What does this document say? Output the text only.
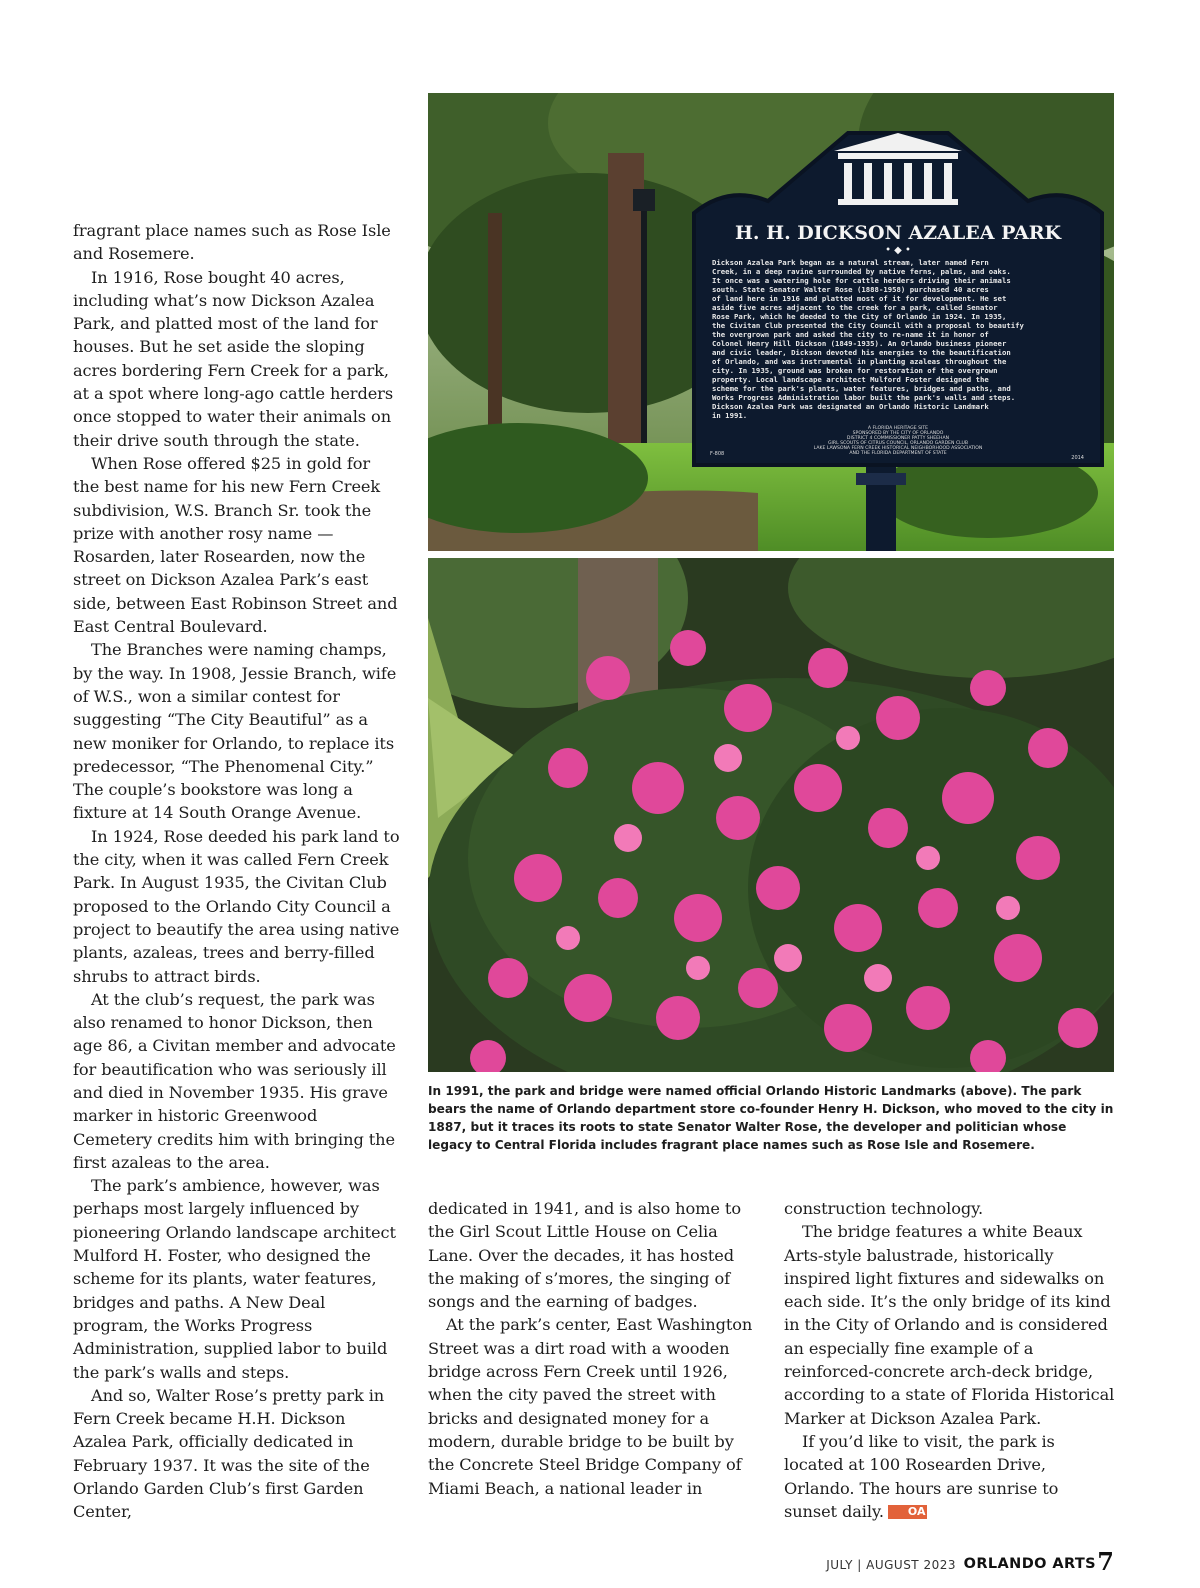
fragrant place names such as Rose Isle and Rosemere.

In 1916, Rose bought 40 acres, including what’s now Dickson Azalea Park, and platted most of the land for houses. But he set aside the sloping acres bordering Fern Creek for a park, at a spot where long-ago cattle herders once stopped to water their animals on their drive south through the state.

When Rose offered $25 in gold for the best name for his new Fern Creek subdivision, W.S. Branch Sr. took the prize with another rosy name — Rosarden, later Rosearden, now the street on Dickson Azalea Park’s east side, between East Robinson Street and East Central Boulevard.

The Branches were naming champs, by the way. In 1908, Jessie Branch, wife of W.S., won a similar contest for suggesting “The City Beautiful” as a new moniker for Orlando, to replace its predecessor, “The Phenomenal City.” The couple’s bookstore was long a fixture at 14 South Orange Avenue.

In 1924, Rose deeded his park land to the city, when it was called Fern Creek Park. In August 1935, the Civitan Club proposed to the Orlando City Council a project to beautify the area using native plants, azaleas, trees and berry-filled shrubs to attract birds.

At the club’s request, the park was also renamed to honor Dickson, then age 86, a Civitan member and advocate for beautification who was seriously ill and died in November 1935. His grave marker in historic Greenwood Cemetery credits him with bringing the first azaleas to the area.

The park’s ambience, however, was perhaps most largely influenced by pioneering Orlando landscape architect Mulford H. Foster, who designed the scheme for its plants, water features, bridges and paths. A New Deal program, the Works Progress Administration, supplied labor to build the park’s walls and steps.

And so, Walter Rose’s pretty park in Fern Creek became H.H. Dickson Azalea Park, officially dedicated in February 1937. It was the site of the Orlando Garden Club’s first Garden Center,

H. H. DICKSON AZALEA PARK
• ◆ •
Dickson Azalea Park began as a natural stream, later named Fern
Creek, in a deep ravine surrounded by native ferns, palms, and oaks.
It once was a watering hole for cattle herders driving their animals
south. State Senator Walter Rose (1888-1958) purchased 40 acres
of land here in 1916 and platted most of it for development. He set
aside five acres adjacent to the creek for a park, called Senator
Rose Park, which he deeded to the City of Orlando in 1924. In 1935,
the Civitan Club presented the City Council with a proposal to beautify
the overgrown park and asked the city to re-name it in honor of
Colonel Henry Hill Dickson (1849-1935). An Orlando business pioneer
and civic leader, Dickson devoted his energies to the beautification
of Orlando, and was instrumental in planting azaleas throughout the
city. In 1935, ground was broken for restoration of the overgrown
property. Local landscape architect Mulford Foster designed the
scheme for the park's plants, water features, bridges and paths, and
Works Progress Administration labor built the park's walls and steps.
Dickson Azalea Park was designated an Orlando Historic Landmark
in 1991.
A FLORIDA HERITAGE SITE
SPONSORED BY THE CITY OF ORLANDO
DISTRICT 4 COMMISSIONER PATTY SHEEHAN
GIRL SCOUTS OF CITRUS COUNCIL, ORLANDO GARDEN CLUB
LAKE LAWSONA FERN CREEK HISTORICAL NEIGHBORHOOD ASSOCIATION
AND THE FLORIDA DEPARTMENT OF STATE
F-808
2014
In 1991, the park and bridge were named official Orlando Historic Landmarks (above). The park bears the name of Orlando department store co-founder Henry H. Dickson, who moved to the city in 1887, but it traces its roots to state Senator Walter Rose, the developer and politician whose legacy to Central Florida includes fragrant place names such as Rose Isle and Rosemere.

dedicated in 1941, and is also home to the Girl Scout Little House on Celia Lane. Over the decades, it has hosted the making of s’mores, the singing of songs and the earning of badges.

At the park’s center, East Washington Street was a dirt road with a wooden bridge across Fern Creek until 1926, when the city paved the street with bricks and designated money for a modern, durable bridge to be built by the Concrete Steel Bridge Company of Miami Beach, a national leader in

construction technology.

The bridge features a white Beaux Arts-style balustrade, historically inspired light fixtures and sidewalks on each side. It’s the only bridge of its kind in the City of Orlando and is considered an especially fine example of a reinforced-concrete arch-deck bridge, according to a state of Florida Historical Marker at Dickson Azalea Park.

If you’d like to visit, the park is located at 100 Rosearden Drive, Orlando. The hours are sunrise to sunset daily. OA

JULY | AUGUST 2023 ORLANDO ARTS 7
